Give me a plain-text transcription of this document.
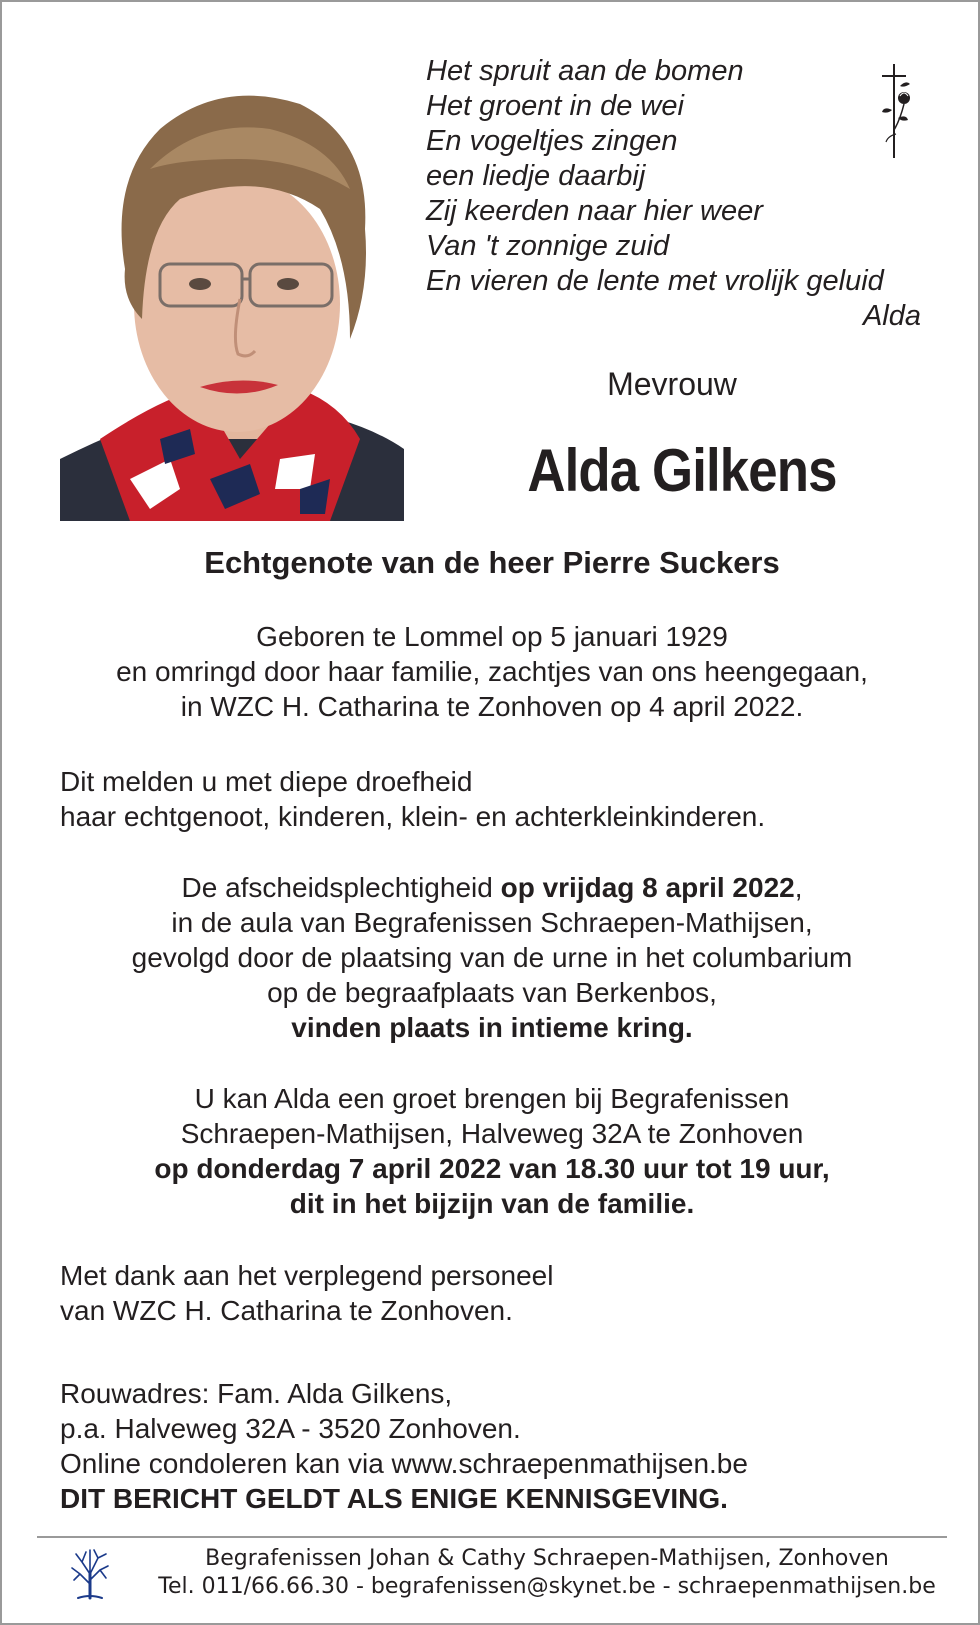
Het spruit aan de bomen
Het groent in de wei
En vogeltjes zingen
een liedje daarbij
Zij keerden naar hier weer
Van 't zonnige zuid
En vieren de lente met vrolijk geluid
Alda
Mevrouw
Alda Gilkens
Echtgenote van de heer Pierre Suckers
Geboren te Lommel op 5 januari 1929
en omringd door haar familie, zachtjes van ons heengegaan,
in WZC H. Catharina te Zonhoven op 4 april 2022.
Dit melden u met diepe droefheid
haar echtgenoot, kinderen, klein- en achterkleinkinderen.
De afscheidsplechtigheid op vrijdag 8 april 2022,
in de aula van Begrafenissen Schraepen-Mathijsen,
gevolgd door de plaatsing van de urne in het columbarium
op de begraafplaats van Berkenbos,
vinden plaats in intieme kring.
U kan Alda een groet brengen bij Begrafenissen
Schraepen-Mathijsen, Halveweg 32A te Zonhoven
op donderdag 7 april 2022 van 18.30 uur tot 19 uur,
dit in het bijzijn van de familie.
Met dank aan het verplegend personeel
van WZC H. Catharina te Zonhoven.
Rouwadres: Fam. Alda Gilkens,
p.a. Halveweg 32A - 3520 Zonhoven.
Online condoleren kan via www.schraepenmathijsen.be
DIT BERICHT GELDT ALS ENIGE KENNISGEVING.
Begrafenissen Johan & Cathy Schraepen-Mathijsen, Zonhoven
Tel. 011/66.66.30 - begrafenissen@skynet.be - schraepenmathijsen.be
